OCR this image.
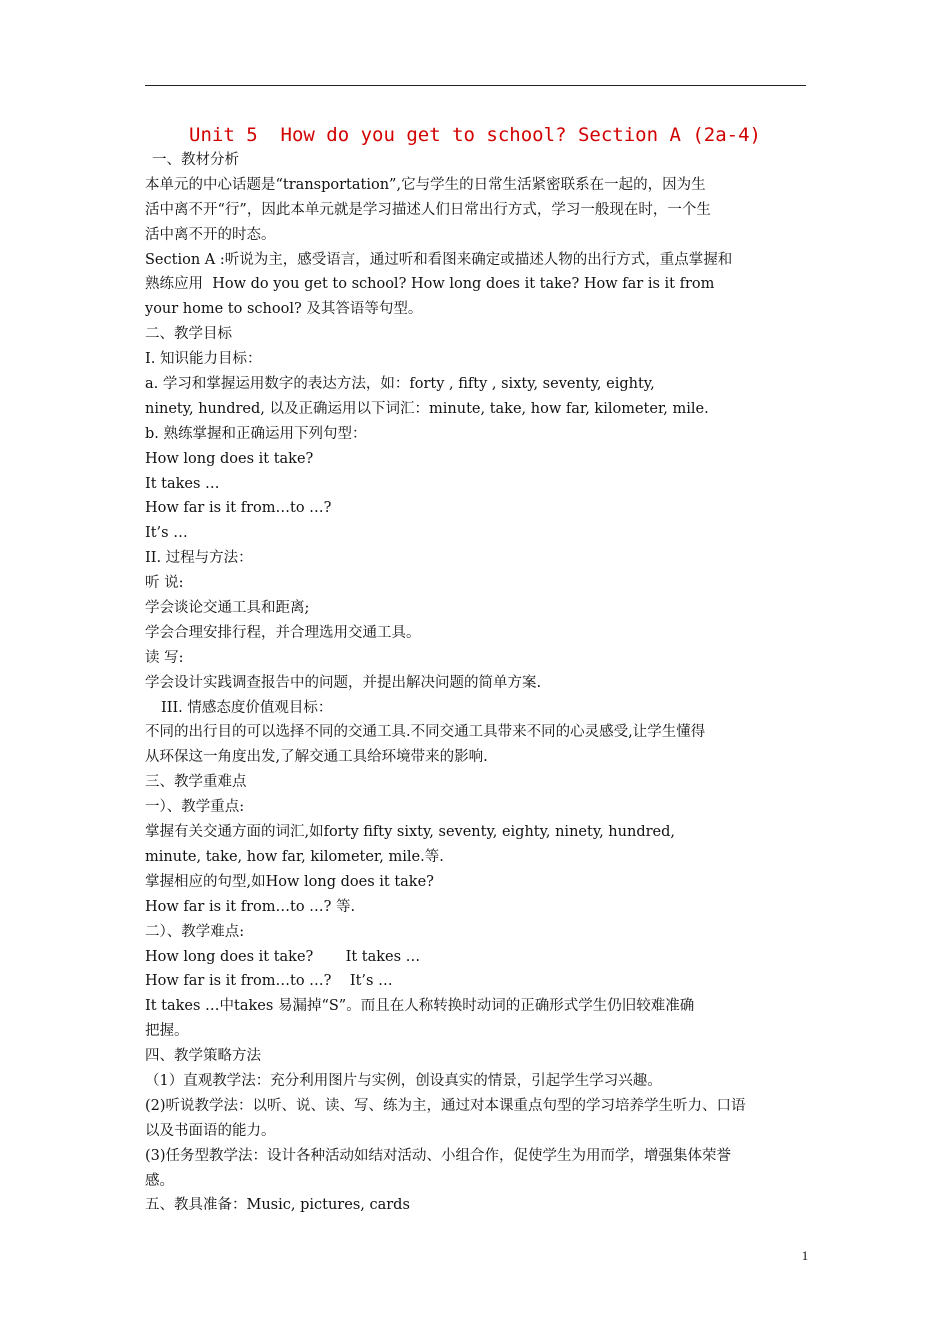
Unit 5  How do you get to school? Section A (2a-4)
一、教材分析
本单元的中心话题是“transportation”,它与学生的日常生活紧密联系在一起的，因为生
活中离不开“行”，因此本单元就是学习描述人们日常出行方式，学习一般现在时，一个生
活中离不开的时态。
Section A :听说为主，感受语言，通过听和看图来确定或描述人物的出行方式，重点掌握和
熟练应用  How do you get to school? How long does it take? How far is it from
your home to school? 及其答语等句型。
二、教学目标
I. 知识能力目标：
a. 学习和掌握运用数字的表达方法，如：forty , fifty , sixty, seventy, eighty,
ninety, hundred, 以及正确运用以下词汇：minute, take, how far, kilometer, mile.
b. 熟练掌握和正确运用下列句型：
How long does it take?
It takes …
How far is it from…to …?
It’s …
II. 过程与方法：
听 说:
学会谈论交通工具和距离;
学会合理安排行程，并合理选用交通工具。
读 写:
学会设计实践调查报告中的问题，并提出解决问题的简单方案.
III. 情感态度价值观目标：
不同的出行目的可以选择不同的交通工具.不同交通工具带来不同的心灵感受,让学生懂得
从环保这一角度出发,了解交通工具给环境带来的影响.
三、教学重难点
一）、教学重点:
掌握有关交通方面的词汇,如forty fifty sixty, seventy, eighty, ninety, hundred,
minute, take, how far, kilometer, mile.等.
掌握相应的句型,如How long does it take?
How far is it from…to …? 等.
二）、教学难点:
How long does it take?       It takes …
How far is it from…to …?    It’s …
It takes …中takes 易漏掉“S”。而且在人称转换时动词的正确形式学生仍旧较难准确
把握。
四、教学策略方法
（1）直观教学法：充分利用图片与实例，创设真实的情景，引起学生学习兴趣。
(2)听说教学法：以听、说、读、写、练为主，通过对本课重点句型的学习培养学生听力、口语
以及书面语的能力。
(3)任务型教学法：设计各种活动如结对活动、小组合作，促使学生为用而学，增强集体荣誉
感。
五、教具准备：Music, pictures, cards
1
